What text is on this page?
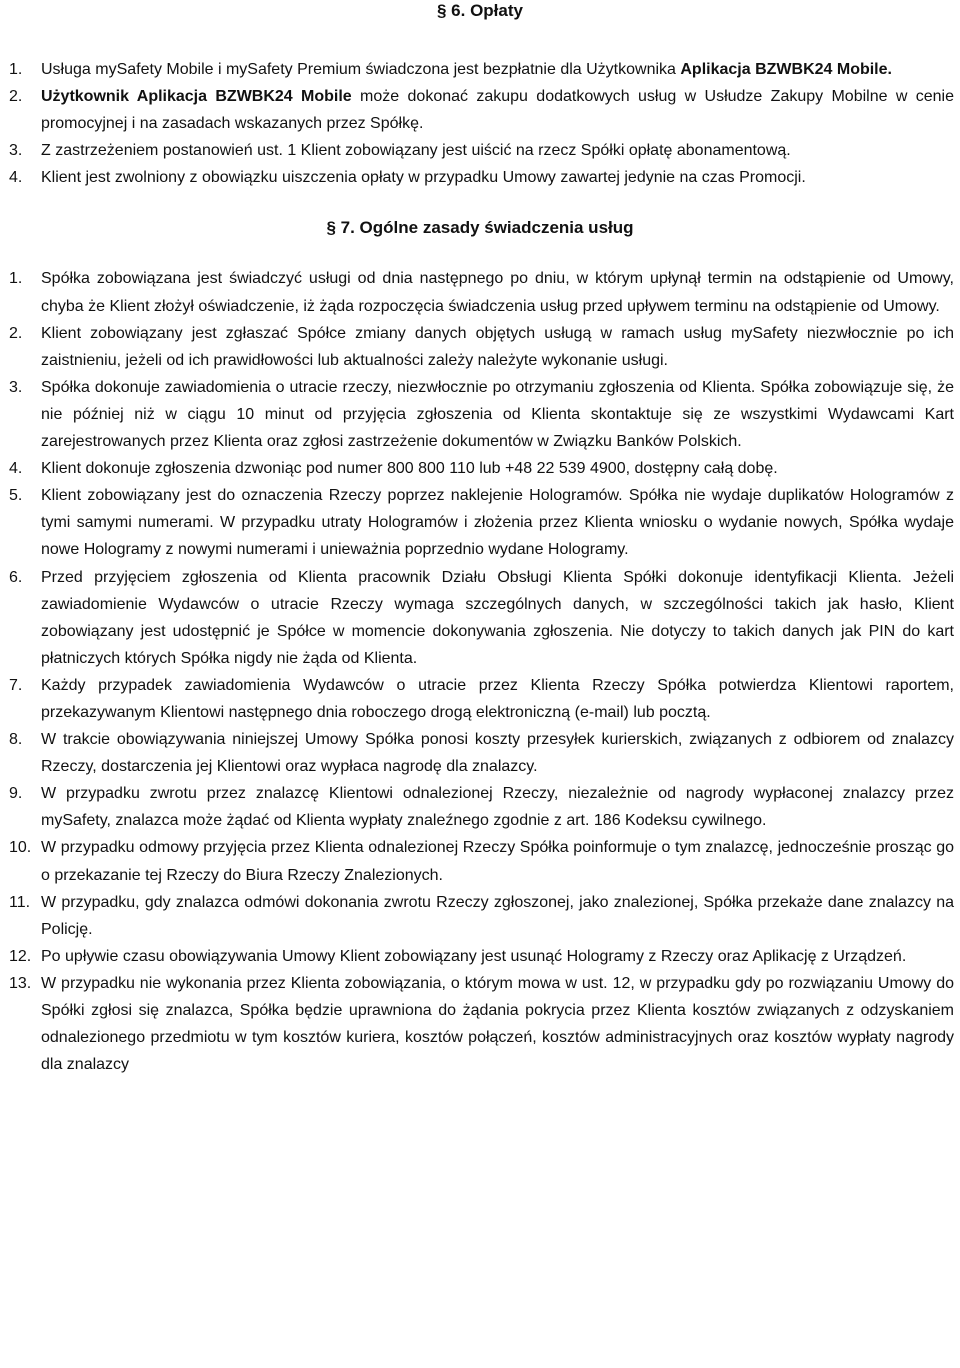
§ 6. Opłaty
1. Usługa mySafety Mobile i mySafety Premium świadczona jest bezpłatnie dla Użytkownika Aplikacja BZWBK24 Mobile.
2. Użytkownik Aplikacja BZWBK24 Mobile może dokonać zakupu dodatkowych usług w Usłudze Zakupy Mobilne w cenie promocyjnej i na zasadach wskazanych przez Spółkę.
3. Z zastrzeżeniem postanowień ust. 1 Klient zobowiązany jest uiścić na rzecz Spółki opłatę abonamentową.
4. Klient jest zwolniony z obowiązku uiszczenia opłaty w przypadku Umowy zawartej jedynie na czas Promocji.
§ 7. Ogólne zasady świadczenia usług
1. Spółka zobowiązana jest świadczyć usługi od dnia następnego po dniu, w którym upłynął termin na odstąpienie od Umowy, chyba że Klient złożył oświadczenie, iż żąda rozpoczęcia świadczenia usług przed upływem terminu na odstąpienie od Umowy.
2. Klient zobowiązany jest zgłaszać Spółce zmiany danych objętych usługą w ramach usług mySafety niezwłocznie po ich zaistnieniu, jeżeli od ich prawidłowości lub aktualności zależy należyte wykonanie usługi.
3. Spółka dokonuje zawiadomienia o utracie rzeczy, niezwłocznie po otrzymaniu zgłoszenia od Klienta. Spółka zobowiązuje się, że nie później niż w ciągu 10 minut od przyjęcia zgłoszenia od Klienta skontaktuje się ze wszystkimi Wydawcami Kart zarejestrowanych przez Klienta oraz zgłosi zastrzeżenie dokumentów w Związku Banków Polskich.
4. Klient dokonuje zgłoszenia dzwoniąc pod numer 800 800 110 lub +48 22 539 4900, dostępny całą dobę.
5. Klient zobowiązany jest do oznaczenia Rzeczy poprzez naklejenie Hologramów. Spółka nie wydaje duplikatów Hologramów z tymi samymi numerami. W przypadku utraty Hologramów i złożenia przez Klienta wniosku o wydanie nowych, Spółka wydaje nowe Hologramy z nowymi numerami i unieważnia poprzednio wydane Hologramy.
6. Przed przyjęciem zgłoszenia od Klienta pracownik Działu Obsługi Klienta Spółki dokonuje identyfikacji Klienta. Jeżeli zawiadomienie Wydawców o utracie Rzeczy wymaga szczególnych danych, w szczególności takich jak hasło, Klient zobowiązany jest udostępnić je Spółce w momencie dokonywania zgłoszenia. Nie dotyczy to takich danych jak PIN do kart płatniczych których Spółka nigdy nie żąda od Klienta.
7. Każdy przypadek zawiadomienia Wydawców o utracie przez Klienta Rzeczy Spółka potwierdza Klientowi raportem, przekazywanym Klientowi następnego dnia roboczego drogą elektroniczną (e-mail) lub pocztą.
8. W trakcie obowiązywania niniejszej Umowy Spółka ponosi koszty przesyłek kurierskich, związanych z odbiorem od znalazcy Rzeczy, dostarczenia jej Klientowi oraz wypłaca nagrodę dla znalazcy.
9. W przypadku zwrotu przez znalazcę Klientowi odnalezionej Rzeczy, niezależnie od nagrody wypłaconej znalazcy przez mySafety, znalazca może żądać od Klienta wypłaty znaleźnego zgodnie z art. 186 Kodeksu cywilnego.
10. W przypadku odmowy przyjęcia przez Klienta odnalezionej Rzeczy Spółka poinformuje o tym znalazcę, jednocześnie prosząc go o przekazanie tej Rzeczy do Biura Rzeczy Znalezionych.
11. W przypadku, gdy znalazca odmówi dokonania zwrotu Rzeczy zgłoszonej, jako znalezionej, Spółka przekaże dane znalazcy na Policję.
12. Po upływie czasu obowiązywania Umowy Klient zobowiązany jest usunąć Hologramy z Rzeczy oraz Aplikację z Urządzeń.
13. W przypadku nie wykonania przez Klienta zobowiązania, o którym mowa w ust. 12, w przypadku gdy po rozwiązaniu Umowy do Spółki zgłosi się znalazca, Spółka będzie uprawniona do żądania pokrycia przez Klienta kosztów związanych z odzyskaniem odnalezionego przedmiotu w tym kosztów kuriera, kosztów połączeń, kosztów administracyjnych oraz kosztów wypłaty nagrody dla znalazcy
